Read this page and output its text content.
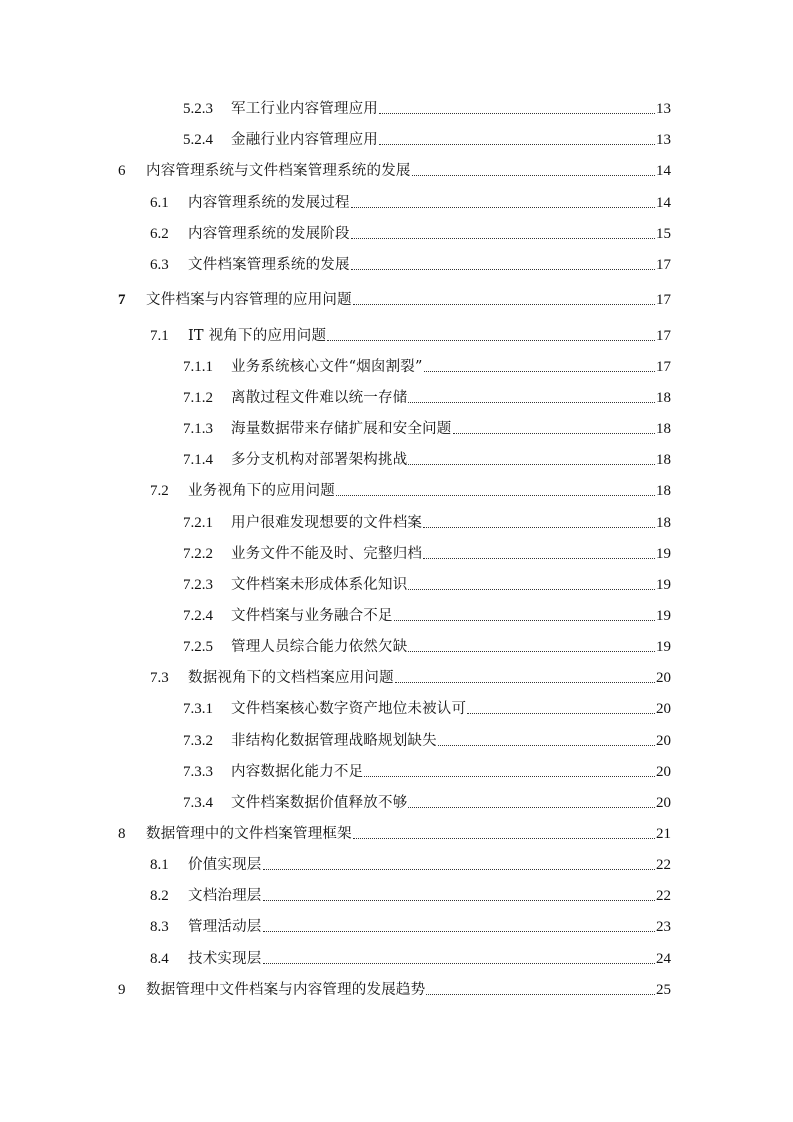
5.2.3	军工行业内容管理应用	13
5.2.4	金融行业内容管理应用	13
6	内容管理系统与文件档案管理系统的发展	14
6.1	内容管理系统的发展过程	14
6.2	内容管理系统的发展阶段	15
6.3	文件档案管理系统的发展	17
7	文件档案与内容管理的应用问题	17
7.1	IT 视角下的应用问题	17
7.1.1	业务系统核心文件“烟囱割裂”	17
7.1.2	离散过程文件难以统一存储	18
7.1.3	海量数据带来存储扩展和安全问题	18
7.1.4	多分支机构对部署架构挑战	18
7.2	业务视角下的应用问题	18
7.2.1	用户很难发现想要的文件档案	18
7.2.2	业务文件不能及时、完整归档	19
7.2.3	文件档案未形成体系化知识	19
7.2.4	文件档案与业务融合不足	19
7.2.5	管理人员综合能力依然欠缺	19
7.3	数据视角下的文档档案应用问题	20
7.3.1	文件档案核心数字资产地位未被认可	20
7.3.2	非结构化数据管理战略规划缺失	20
7.3.3	内容数据化能力不足	20
7.3.4	文件档案数据价值释放不够	20
8	数据管理中的文件档案管理框架	21
8.1	价值实现层	22
8.2	文档治理层	22
8.3	管理活动层	23
8.4	技术实现层	24
9	数据管理中文件档案与内容管理的发展趋势	25
